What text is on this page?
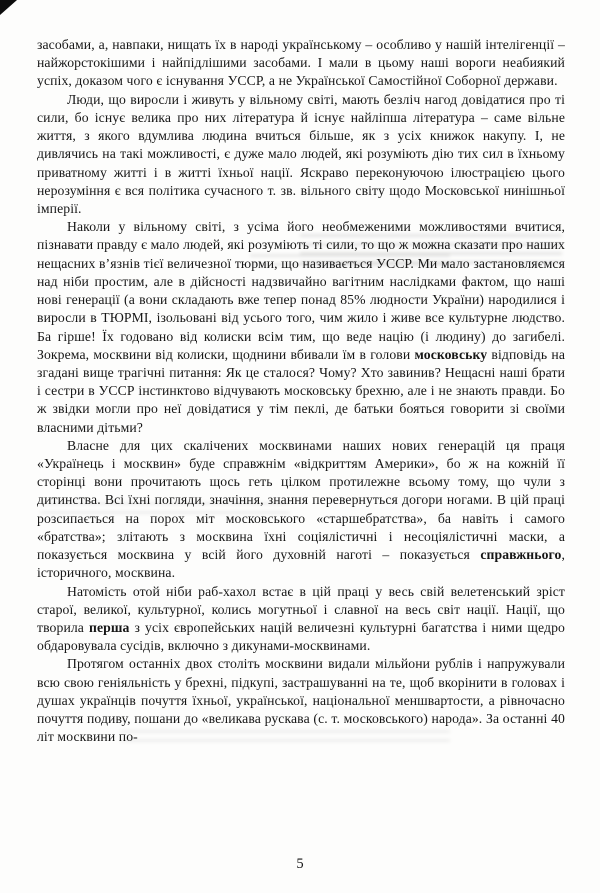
засобами, а, навпаки, нищать їх в народі українському – особливо у нашій інтелігенції – найжорстокішими і найпідлішими засобами. І мали в цьому наші вороги неабиякий успіх, доказом чого є існування УССР, а не Української Самостійної Соборної держави.

Люди, що виросли і живуть у вільному світі, мають безліч нагод довідатися про ті сили, бо існує велика про них література й існує найліпша література – саме вільне життя, з якого вдумлива людина вчиться більше, як з усіх книжок накупу. І, не дивлячись на такі можливості, є дуже мало людей, які розуміють дію тих сил в їхньому приватному житті і в житті їхньої нації. Яскраво переконуючою ілюстрацією цього нерозуміння є вся політика сучасного т. зв. вільного світу щодо Московської нинішньої імперії.

Наколи у вільному світі, з усіма його необмеженими можливостями вчитися, пізнавати правду є мало людей, які розуміють ті сили, то що ж можна сказати про наших нещасних в’язнів тієї величезної тюрми, що називається УССР. Ми мало застановляємся над ніби простим, але в дійсності надзвичайно вагітним наслідками фактом, що наші нові генерації (а вони складають вже тепер понад 85% людности України) народилися і виросли в ТЮРМІ, ізольовані від усього того, чим жило і живе все культурне людство. Ба гірше! Їх годовано від колиски всім тим, що веде націю (і людину) до загибелі. Зокрема, москвини від колиски, щоднини вбивали їм в голови московську відповідь на згадані вище трагічні питання: Як це сталося? Чому? Хто завинив? Нещасні наші брати і сестри в УССР інстинктово відчувають московську брехню, але і не знають правди. Бо ж звідки могли про неї довідатися у тім пеклі, де батьки бояться говорити зі своїми власними дітьми?

Власне для цих скалічених москвинами наших нових генерацій ця праця «Українець і москвин» буде справжнім «відкриттям Америки», бо ж на кожній її сторінці вони прочитають щось геть цілком протилежне всьому тому, що чули з дитинства. Всі їхні погляди, значіння, знання перевернуться догори ногами. В цій праці розсипається на порох міт московського «старшебратства», ба навіть і самого «братства»; злітають з москвина їхні соціялістичні і несоціялістичні маски, а показується москвина у всій його духовній наготі – показується справжнього, історичного, москвина.

Натомість отой ніби раб-хахол встає в цій праці у весь свій велетенський зріст старої, великої, культурної, колись могутньої і славної на весь світ нації. Нації, що творила перша з усіх європейських націй величезні культурні багатства і ними щедро обдаровувала сусідів, включно з дикунами-москвинами.

Протягом останніх двох століть москвини видали мільйони рублів і напружували всю свою геніяльність у брехні, підкупі, застрашуванні на те, щоб вкорінити в головах і душах українців почуття їхньої, української, національної меншвартости, а рівночасно почуття подиву, пошани до «великава рускава (с. т. московського) народа». За останні 40 літ москвини по-

5
